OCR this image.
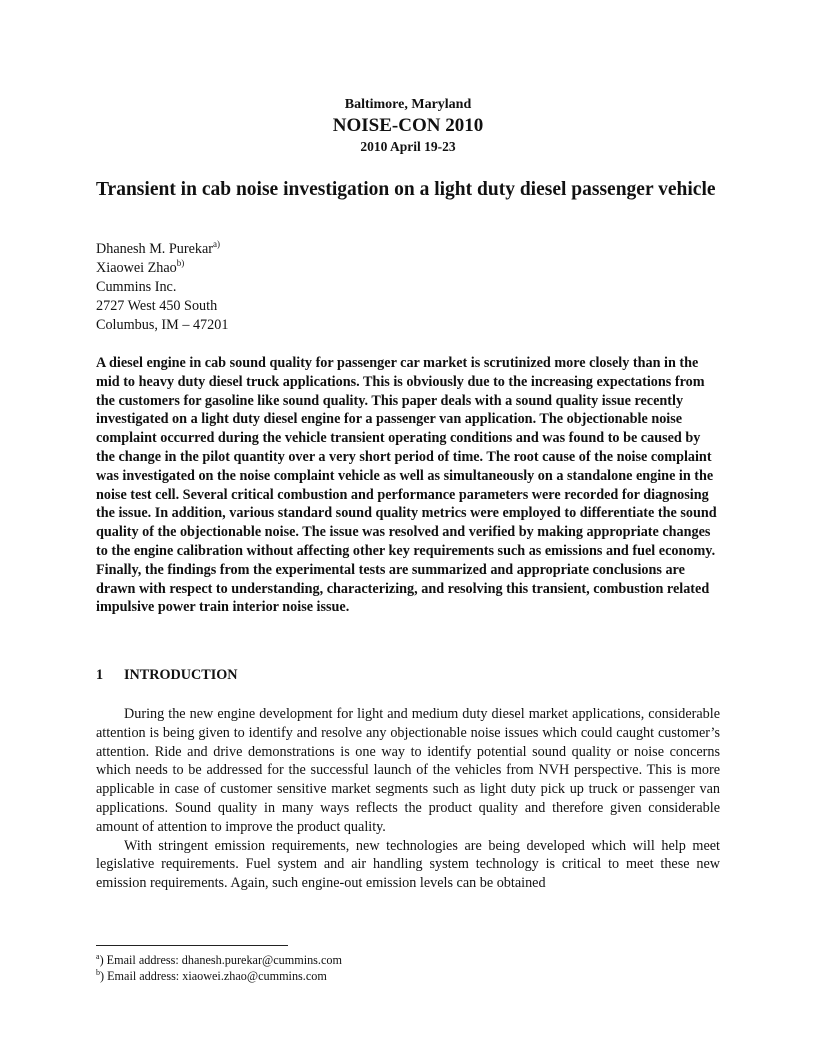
Baltimore, Maryland
NOISE-CON 2010
2010 April 19-23
Transient in cab noise investigation on a light duty diesel passenger vehicle
Dhanesh M. Purekar$^{a)}$
Xiaowei Zhao$^{b)}$
Cummins Inc.
2727 West 450 South
Columbus, IM – 47201

A diesel engine in cab sound quality for passenger car market is scrutinized more closely than in the mid to heavy duty diesel truck applications. This is obviously due to the increasing expectations from the customers for gasoline like sound quality. This paper deals with a sound quality issue recently investigated on a light duty diesel engine for a passenger van application. The objectionable noise complaint occurred during the vehicle transient operating conditions and was found to be caused by the change in the pilot quantity over a very short period of time. The root cause of the noise complaint was investigated on the noise complaint vehicle as well as simultaneously on a standalone engine in the noise test cell. Several critical combustion and performance parameters were recorded for diagnosing the issue. In addition, various standard sound quality metrics were employed to differentiate the sound quality of the objectionable noise. The issue was resolved and verified by making appropriate changes to the engine calibration without affecting other key requirements such as emissions and fuel economy. Finally, the findings from the experimental tests are summarized and appropriate conclusions are drawn with respect to understanding, characterizing, and resolving this transient, combustion related impulsive power train interior noise issue.

1 INTRODUCTION

During the new engine development for light and medium duty diesel market applications, considerable attention is being given to identify and resolve any objectionable noise issues which could caught customer’s attention. Ride and drive demonstrations is one way to identify potential sound quality or noise concerns which needs to be addressed for the successful launch of the vehicles from NVH perspective. This is more applicable in case of customer sensitive market segments such as light duty pick up truck or passenger van applications. Sound quality in many ways reflects the product quality and therefore given considerable amount of attention to improve the product quality.

With stringent emission requirements, new technologies are being developed which will help meet legislative requirements. Fuel system and air handling system technology is critical to meet these new emission requirements. Again, such engine-out emission levels can be obtained

$^a$) Email address: dhanesh.purekar@cummins.com
$^b$) Email address: xiaowei.zhao@cummins.com
